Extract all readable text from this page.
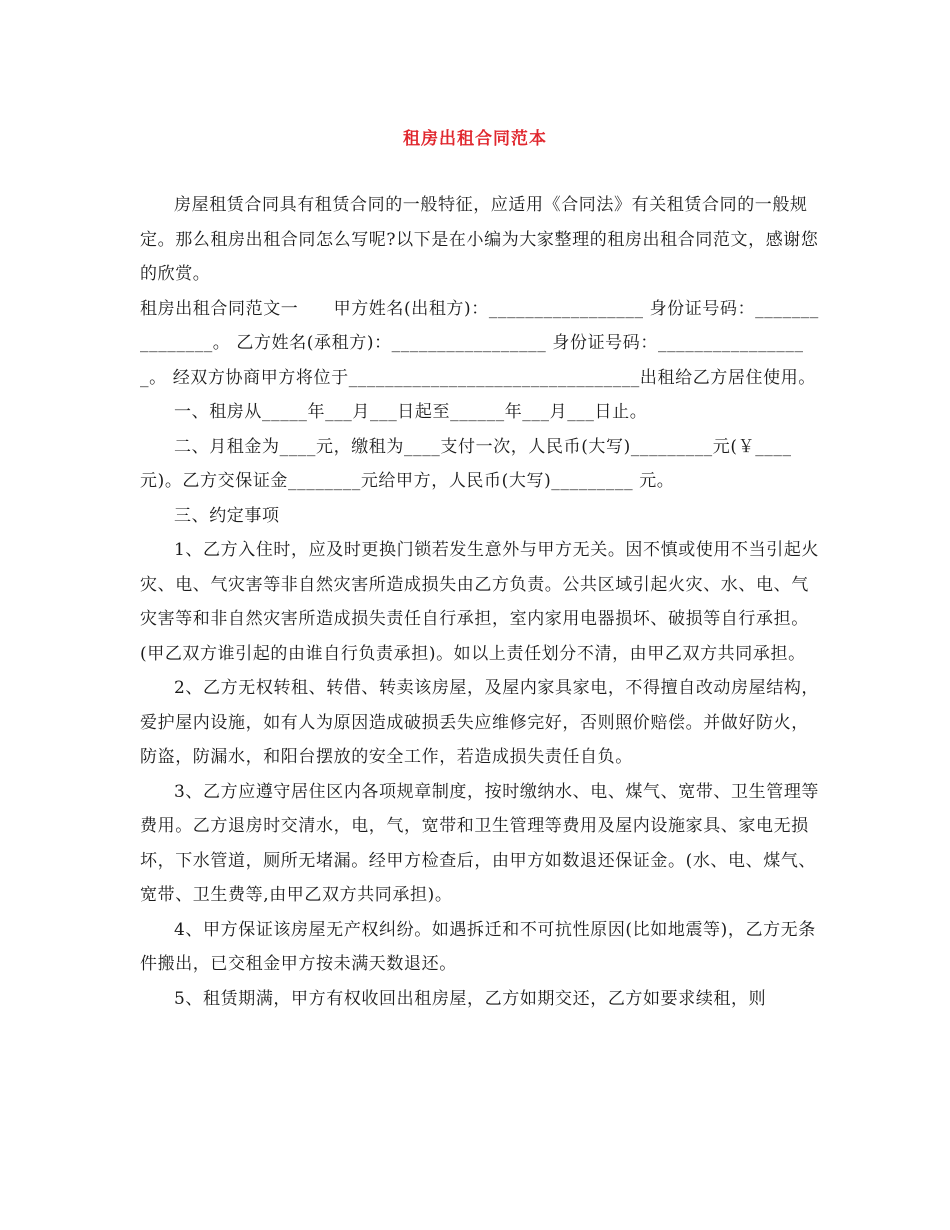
租房出租合同范本

房屋租赁合同具有租赁合同的一般特征，应适用《合同法》有关租赁合同的一般规定。那么租房出租合同怎么写呢?以下是在小编为大家整理的租房出租合同范文，感谢您的欣赏。

租房出租合同范文一　　甲方姓名(出租方)：_________________ 身份证号码：_______________。 乙方姓名(承租方)：_________________ 身份证号码：_________________。 经双方协商甲方将位于________________________________出租给乙方居住使用。

一、租房从_____年___月___日起至______年___月___日止。

二、月租金为____元，缴租为____支付一次，人民币(大写)_________元(￥____元)。乙方交保证金________元给甲方，人民币(大写)_________ 元。

三、约定事项

1、乙方入住时，应及时更换门锁若发生意外与甲方无关。因不慎或使用不当引起火灾、电、气灾害等非自然灾害所造成损失由乙方负责。公共区域引起火灾、水、电、气灾害等和非自然灾害所造成损失责任自行承担，室内家用电器损坏、破损等自行承担。(甲乙双方谁引起的由谁自行负责承担)。如以上责任划分不清，由甲乙双方共同承担。

2、乙方无权转租、转借、转卖该房屋，及屋内家具家电，不得擅自改动房屋结构，爱护屋内设施，如有人为原因造成破损丢失应维修完好，否则照价赔偿。并做好防火，防盗，防漏水，和阳台摆放的安全工作，若造成损失责任自负。

3、乙方应遵守居住区内各项规章制度，按时缴纳水、电、煤气、宽带、卫生管理等费用。乙方退房时交清水，电，气，宽带和卫生管理等费用及屋内设施家具、家电无损坏，下水管道，厕所无堵漏。经甲方检查后，由甲方如数退还保证金。(水、电、煤气、宽带、卫生费等,由甲乙双方共同承担)。

4、甲方保证该房屋无产权纠纷。如遇拆迁和不可抗性原因(比如地震等)，乙方无条件搬出，已交租金甲方按未满天数退还。

5、租赁期满，甲方有权收回出租房屋，乙方如期交还，乙方如要求续租，则
